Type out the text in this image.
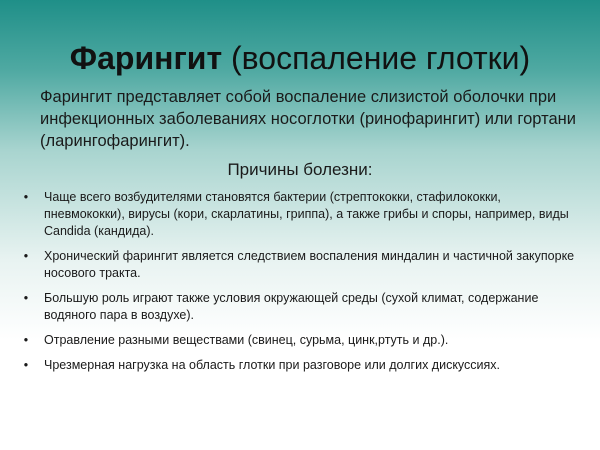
Фарингит (воспаление глотки)
Фарингит представляет собой воспаление слизистой оболочки при инфекционных заболеваниях носоглотки (ринофарингит) или гортани (ларингофарингит).
Причины болезни:
•	Чаще всего возбудителями становятся бактерии (стрептококки, стафилококки, пневмококки), вирусы (кори, скарлатины, гриппа), а также грибы и споры, например, виды Candida (кандида).
•	Хронический фарингит является следствием воспаления миндалин и частичной закупорке носового тракта.
•	Большую роль играют также условия окружающей среды (сухой климат, содержание водяного пара в воздухе).
•	Отравление разными веществами (свинец, сурьма, цинк,ртуть и др.).
•	Чрезмерная нагрузка на область глотки при разговоре или долгих дискуссиях.
